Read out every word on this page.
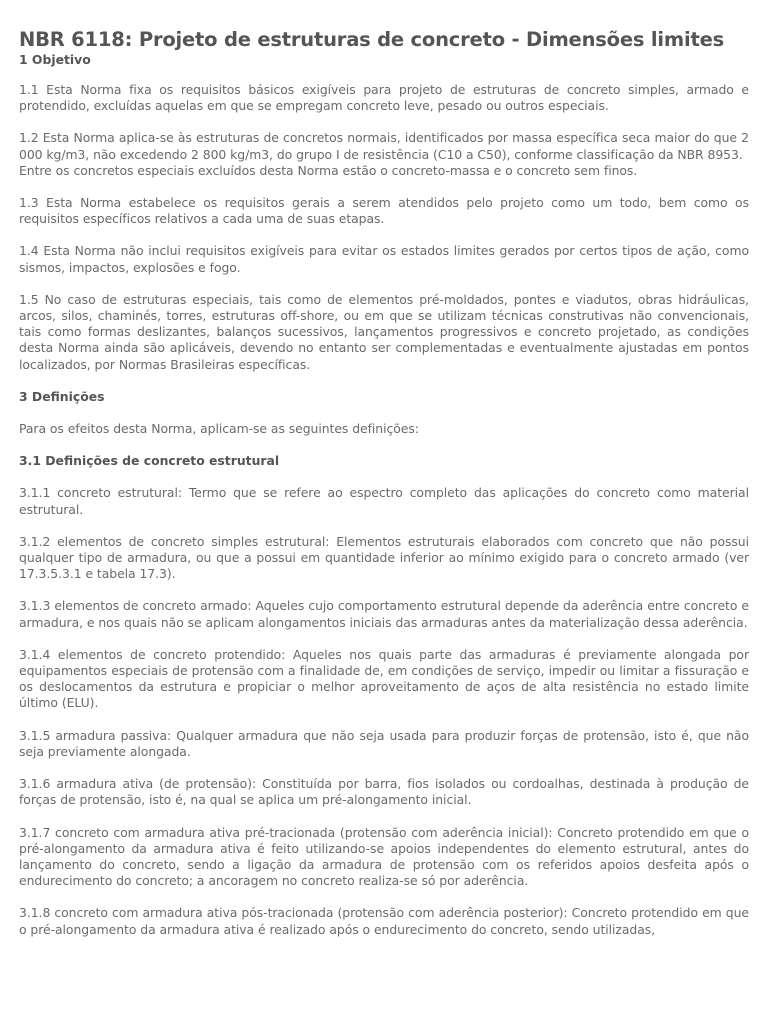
NBR 6118: Projeto de estruturas de concreto - Dimensões limites
1 Objetivo

1.1 Esta Norma fixa os requisitos básicos exigíveis para projeto de estruturas de concreto simples, armado e protendido, excluídas aquelas em que se empregam concreto leve, pesado ou outros especiais.

1.2 Esta Norma aplica-se às estruturas de concretos normais, identificados por massa específica seca maior do que 2 000 kg/m3, não excedendo 2 800 kg/m3, do grupo I de resistência (C10 a C50), conforme classificação da NBR 8953.
Entre os concretos especiais excluídos desta Norma estão o concreto-massa e o concreto sem finos.

1.3 Esta Norma estabelece os requisitos gerais a serem atendidos pelo projeto como um todo, bem como os requisitos específicos relativos a cada uma de suas etapas.

1.4 Esta Norma não inclui requisitos exigíveis para evitar os estados limites gerados por certos tipos de ação, como sismos, impactos, explosões e fogo.

1.5 No caso de estruturas especiais, tais como de elementos pré-moldados, pontes e viadutos, obras hidráulicas, arcos, silos, chaminés, torres, estruturas off-shore, ou em que se utilizam técnicas construtivas não convencionais, tais como formas deslizantes, balanços sucessivos, lançamentos progressivos e concreto projetado, as condições desta Norma ainda são aplicáveis, devendo no entanto ser complementadas e eventualmente ajustadas em pontos localizados, por Normas Brasileiras específicas.

3 Definições

Para os efeitos desta Norma, aplicam-se as seguintes definições:

3.1 Definições de concreto estrutural

3.1.1 concreto estrutural: Termo que se refere ao espectro completo das aplicações do concreto como material estrutural.

3.1.2 elementos de concreto simples estrutural: Elementos estruturais elaborados com concreto que não possui qualquer tipo de armadura, ou que a possui em quantidade inferior ao mínimo exigido para o concreto armado (ver 17.3.5.3.1 e tabela 17.3).

3.1.3 elementos de concreto armado: Aqueles cujo comportamento estrutural depende da aderência entre concreto e armadura, e nos quais não se aplicam alongamentos iniciais das armaduras antes da materialização dessa aderência.

3.1.4 elementos de concreto protendido: Aqueles nos quais parte das armaduras é previamente alongada por equipamentos especiais de protensão com a finalidade de, em condições de serviço, impedir ou limitar a fissuração e os deslocamentos da estrutura e propiciar o melhor aproveitamento de aços de alta resistência no estado limite último (ELU).

3.1.5 armadura passiva: Qualquer armadura que não seja usada para produzir forças de protensão, isto é, que não seja previamente alongada.

3.1.6 armadura ativa (de protensão): Constituída por barra, fios isolados ou cordoalhas, destinada à produção de forças de protensão, isto é, na qual se aplica um pré-alongamento inicial.

3.1.7 concreto com armadura ativa pré-tracionada (protensão com aderência inicial): Concreto protendido em que o pré-alongamento da armadura ativa é feito utilizando-se apoios independentes do elemento estrutural, antes do lançamento do concreto, sendo a ligação da armadura de protensão com os referidos apoios desfeita após o endurecimento do concreto; a ancoragem no concreto realiza-se só por aderência.

3.1.8 concreto com armadura ativa pós-tracionada (protensão com aderência posterior): Concreto protendido em que o pré-alongamento da armadura ativa é realizado após o endurecimento do concreto, sendo utilizadas,
